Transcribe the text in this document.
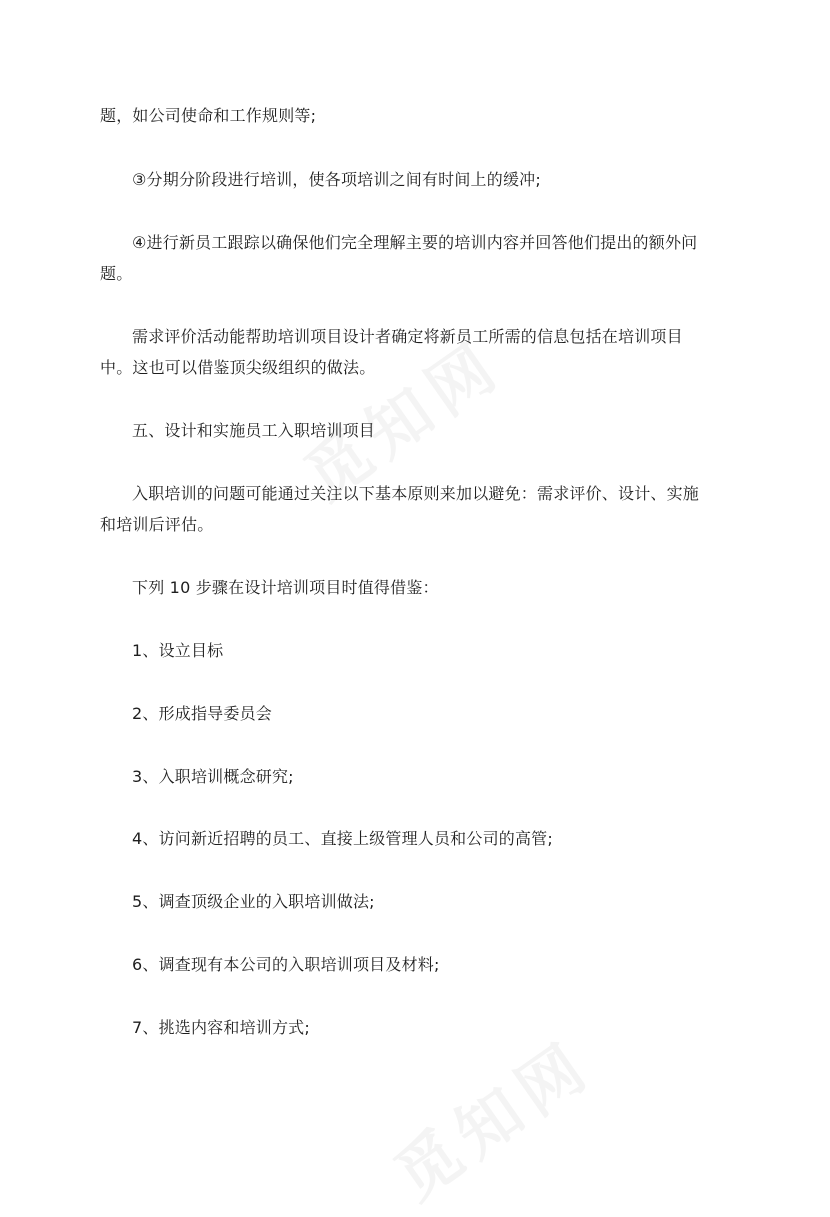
题，如公司使命和工作规则等;
③分期分阶段进行培训，使各项培训之间有时间上的缓冲;
④进行新员工跟踪以确保他们完全理解主要的培训内容并回答他们提出的额外问
题。
需求评价活动能帮助培训项目设计者确定将新员工所需的信息包括在培训项目
中。这也可以借鉴顶尖级组织的做法。
五、设计和实施员工入职培训项目
入职培训的问题可能通过关注以下基本原则来加以避免：需求评价、设计、实施
和培训后评估。
下列 10 步骤在设计培训项目时值得借鉴：
1、设立目标
2、形成指导委员会
3、入职培训概念研究;
4、访问新近招聘的员工、直接上级管理人员和公司的高管;
5、调查顶级企业的入职培训做法;
6、调查现有本公司的入职培训项目及材料;
7、挑选内容和培训方式;
